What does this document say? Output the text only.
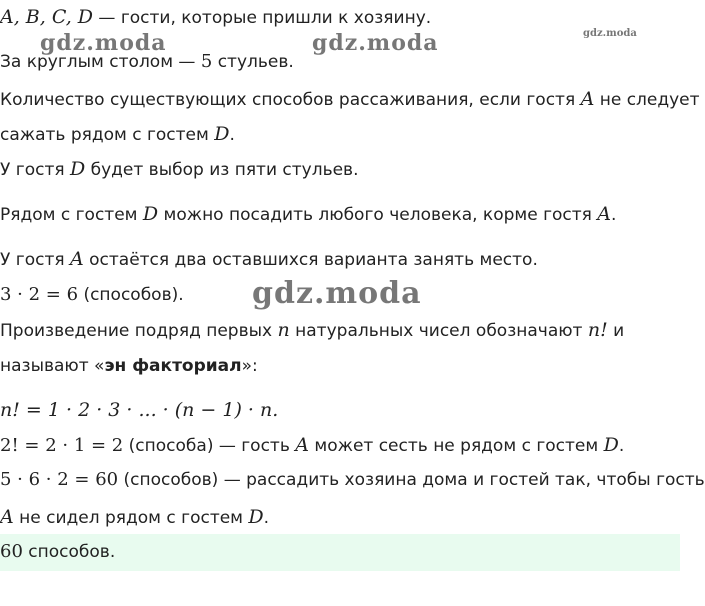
gdz.moda	gdz.moda	gdz.moda
gdz.moda
A, B, C, D — гости, которые пришли к хозяину.
За круглым столом — 5 стульев.
Количество существующих способов рассаживания, если гостя A не следует
сажать рядом с гостем D.
У гостя D будет выбор из пяти стульев.
Рядом с гостем D можно посадить любого человека, корме гостя A.
У гостя A остаётся два оставшихся варианта занять место.
3 · 2 = 6 (способов).
Произведение подряд первых n натуральных чисел обозначают n! и
называют «эн факториал»:
n! = 1 · 2 · 3 · ... · (n − 1) · n.
2! = 2 · 1 = 2 (способа) — гость A может сесть не рядом с гостем D.
5 · 6 · 2 = 60 (способов) — рассадить хозяина дома и гостей так, чтобы гость
A не сидел рядом с гостем D.
60 способов.
